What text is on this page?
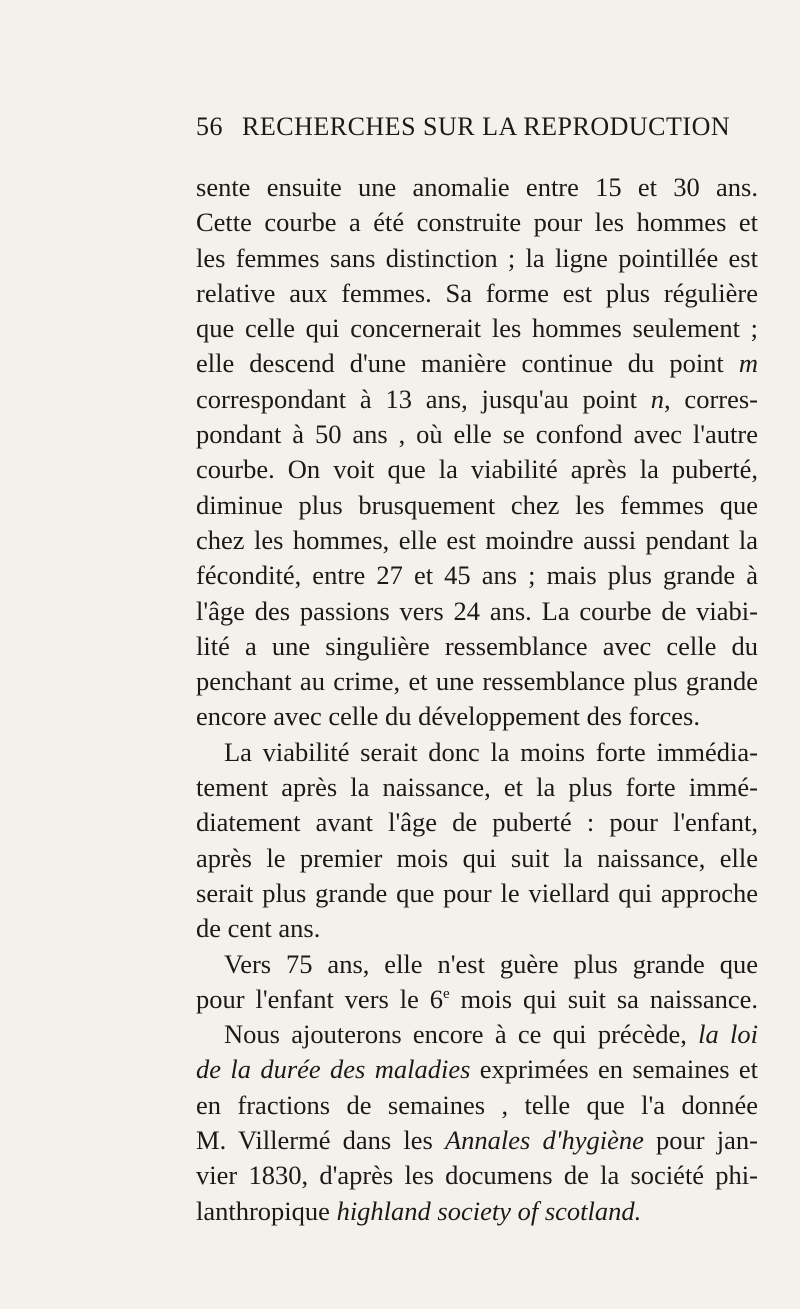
56 RECHERCHES SUR LA REPRODUCTION
sente ensuite une anomalie entre 15 et 30 ans.
Cette courbe a été construite pour les hommes et
les femmes sans distinction ; la ligne pointillée est
relative aux femmes. Sa forme est plus régulière
que celle qui concernerait les hommes seulement ;
elle descend d'une manière continue du point m
correspondant à 13 ans, jusqu'au point n, corres-
pondant à 50 ans , où elle se confond avec l'autre
courbe. On voit que la viabilité après la puberté,
diminue plus brusquement chez les femmes que
chez les hommes, elle est moindre aussi pendant la
fécondité, entre 27 et 45 ans ; mais plus grande à
l'âge des passions vers 24 ans. La courbe de viabi-
lité a une singulière ressemblance avec celle du
penchant au crime, et une ressemblance plus grande
encore avec celle du développement des forces.
La viabilité serait donc la moins forte immédia-
tement après la naissance, et la plus forte immé-
diatement avant l'âge de puberté : pour l'enfant,
après le premier mois qui suit la naissance, elle
serait plus grande que pour le viellard qui approche
de cent ans.
Vers 75 ans, elle n'est guère plus grande que
pour l'enfant vers le 6e mois qui suit sa naissance.
Nous ajouterons encore à ce qui précède, la loi
de la durée des maladies exprimées en semaines et
en fractions de semaines , telle que l'a donnée
M. Villermé dans les Annales d'hygiène pour jan-
vier 1830, d'après les documens de la société phi-
lanthropique highland society of scotland.
